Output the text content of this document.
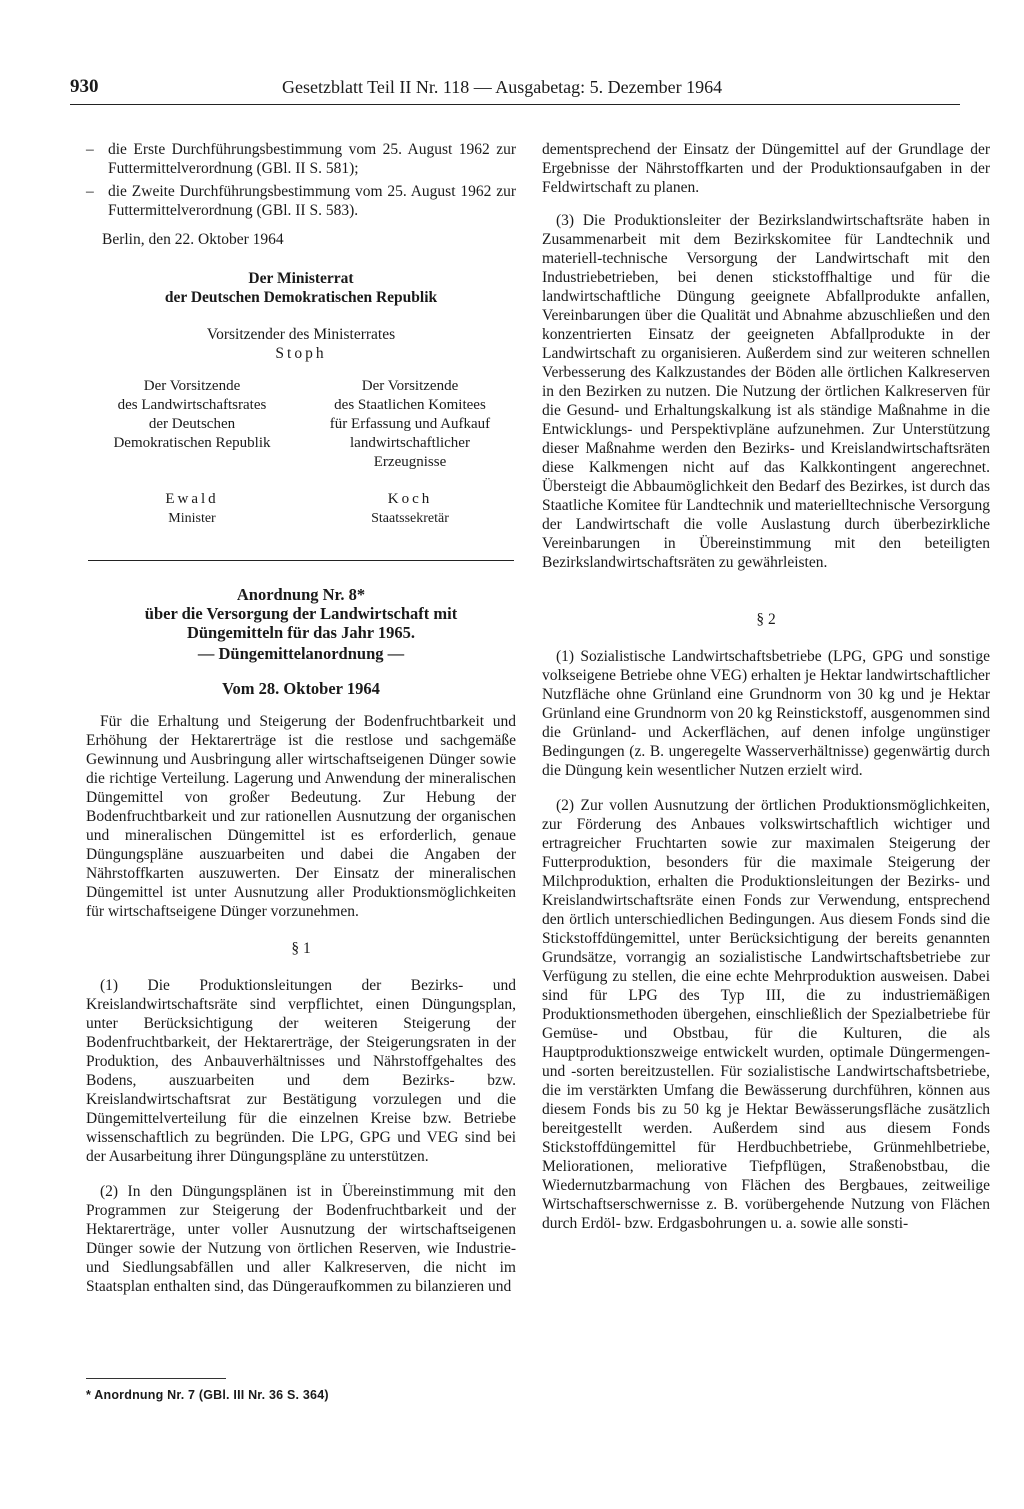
930	Gesetzblatt Teil II Nr. 118 — Ausgabetag: 5. Dezember 1964
– die Erste Durchführungsbestimmung vom 25. August 1962 zur Futtermittelverordnung (GBl. II S. 581);
– die Zweite Durchführungsbestimmung vom 25. August 1962 zur Futtermittelverordnung (GBl. II S. 583).

Berlin, den 22. Oktober 1964

Der Ministerrat
der Deutschen Demokratischen Republik
Vorsitzender des Ministerrates
Stoph
Der Vorsitzende
des Landwirtschaftsrates
der Deutschen
Demokratischen Republik
Ewald
Minister
Der Vorsitzende
des Staatlichen Komitees
für Erfassung und Aufkauf
landwirtschaftlicher
Erzeugnisse
Koch
Staatssekretär
Anordnung Nr. 8*
über die Versorgung der Landwirtschaft mit
Düngemitteln für das Jahr 1965.
— Düngemittelanordnung —
Vom 28. Oktober 1964

Für die Erhaltung und Steigerung der Bodenfruchtbarkeit und Erhöhung der Hektarerträge ist die restlose und sachgemäße Gewinnung und Ausbringung aller wirtschaftseigenen Dünger sowie die richtige Verteilung. Lagerung und Anwendung der mineralischen Düngemittel von großer Bedeutung. Zur Hebung der Bodenfruchtbarkeit und zur rationellen Ausnutzung der organischen und mineralischen Düngemittel ist es erforderlich, genaue Düngungspläne auszuarbeiten und dabei die Angaben der Nährstoffkarten auszuwerten. Der Einsatz der mineralischen Düngemittel ist unter Ausnutzung aller Produktionsmöglichkeiten für wirtschaftseigene Dünger vorzunehmen.

§ 1

(1) Die Produktionsleitungen der Bezirks- und Kreislandwirtschaftsräte sind verpflichtet, einen Düngungsplan, unter Berücksichtigung der weiteren Steigerung der Bodenfruchtbarkeit, der Hektarerträge, der Steigerungsraten in der Produktion, des Anbauverhältnisses und Nährstoffgehaltes des Bodens, auszuarbeiten und dem Bezirks- bzw. Kreislandwirtschaftsrat zur Bestätigung vorzulegen und die Düngemittelverteilung für die einzelnen Kreise bzw. Betriebe wissenschaftlich zu begründen. Die LPG, GPG und VEG sind bei der Ausarbeitung ihrer Düngungspläne zu unterstützen.

(2) In den Düngungsplänen ist in Übereinstimmung mit den Programmen zur Steigerung der Bodenfruchtbarkeit und der Hektarerträge, unter voller Ausnutzung der wirtschaftseigenen Dünger sowie der Nutzung von örtlichen Reserven, wie Industrie- und Siedlungsabfällen und aller Kalkreserven, die nicht im Staatsplan enthalten sind, das Düngeraufkommen zu bilanzieren und

* Anordnung Nr. 7 (GBl. III Nr. 36 S. 364)

dementsprechend der Einsatz der Düngemittel auf der Grundlage der Ergebnisse der Nährstoffkarten und der Produktionsaufgaben in der Feldwirtschaft zu planen.

(3) Die Produktionsleiter der Bezirkslandwirtschaftsräte haben in Zusammenarbeit mit dem Bezirkskomitee für Landtechnik und materiell-technische Versorgung der Landwirtschaft mit den Industriebetrieben, bei denen stickstoffhaltige und für die landwirtschaftliche Düngung geeignete Abfallprodukte anfallen, Vereinbarungen über die Qualität und Abnahme abzuschließen und den konzentrierten Einsatz der geeigneten Abfallprodukte in der Landwirtschaft zu organisieren. Außerdem sind zur weiteren schnellen Verbesserung des Kalkzustandes der Böden alle örtlichen Kalkreserven in den Bezirken zu nutzen. Die Nutzung der örtlichen Kalkreserven für die Gesund- und Erhaltungskalkung ist als ständige Maßnahme in die Entwicklungs- und Perspektivpläne aufzunehmen. Zur Unterstützung dieser Maßnahme werden den Bezirks- und Kreislandwirtschaftsräten diese Kalkmengen nicht auf das Kalkkontingent angerechnet. Übersteigt die Abbaumöglichkeit den Bedarf des Bezirkes, ist durch das Staatliche Komitee für Landtechnik und materielltechnische Versorgung der Landwirtschaft die volle Auslastung durch überbezirkliche Vereinbarungen in Übereinstimmung mit den beteiligten Bezirkslandwirtschaftsräten zu gewährleisten.

§ 2

(1) Sozialistische Landwirtschaftsbetriebe (LPG, GPG und sonstige volkseigene Betriebe ohne VEG) erhalten je Hektar landwirtschaftlicher Nutzfläche ohne Grünland eine Grundnorm von 30 kg und je Hektar Grünland eine Grundnorm von 20 kg Reinstickstoff, ausgenommen sind die Grünland- und Ackerflächen, auf denen infolge ungünstiger Bedingungen (z. B. ungeregelte Wasserverhältnisse) gegenwärtig durch die Düngung kein wesentlicher Nutzen erzielt wird.

(2) Zur vollen Ausnutzung der örtlichen Produktionsmöglichkeiten, zur Förderung des Anbaues volkswirtschaftlich wichtiger und ertragreicher Fruchtarten sowie zur maximalen Steigerung der Futterproduktion, besonders für die maximale Steigerung der Milchproduktion, erhalten die Produktionsleitungen der Bezirks- und Kreislandwirtschaftsräte einen Fonds zur Verwendung, entsprechend den örtlich unterschiedlichen Bedingungen. Aus diesem Fonds sind die Stickstoffdüngemittel, unter Berücksichtigung der bereits genannten Grundsätze, vorrangig an sozialistische Landwirtschaftsbetriebe zur Verfügung zu stellen, die eine echte Mehrproduktion ausweisen. Dabei sind für LPG des Typ III, die zu industriemäßigen Produktionsmethoden übergehen, einschließlich der Spezialbetriebe für Gemüse- und Obstbau, für die Kulturen, die als Hauptproduktionszweige entwickelt wurden, optimale Düngermengen- und -sorten bereitzustellen. Für sozialistische Landwirtschaftsbetriebe, die im verstärkten Umfang die Bewässerung durchführen, können aus diesem Fonds bis zu 50 kg je Hektar Bewässerungsfläche zusätzlich bereitgestellt werden. Außerdem sind aus diesem Fonds Stickstoffdüngemittel für Herdbuchbetriebe, Grünmehlbetriebe, Meliorationen, meliorative Tiefpflügen, Straßenobstbau, die Wiedernutzbarmachung von Flächen des Bergbaues, zeitweilige Wirtschaftserschwernisse z. B. vorübergehende Nutzung von Flächen durch Erdöl- bzw. Erdgasbohrungen u. a. sowie alle sonsti-
